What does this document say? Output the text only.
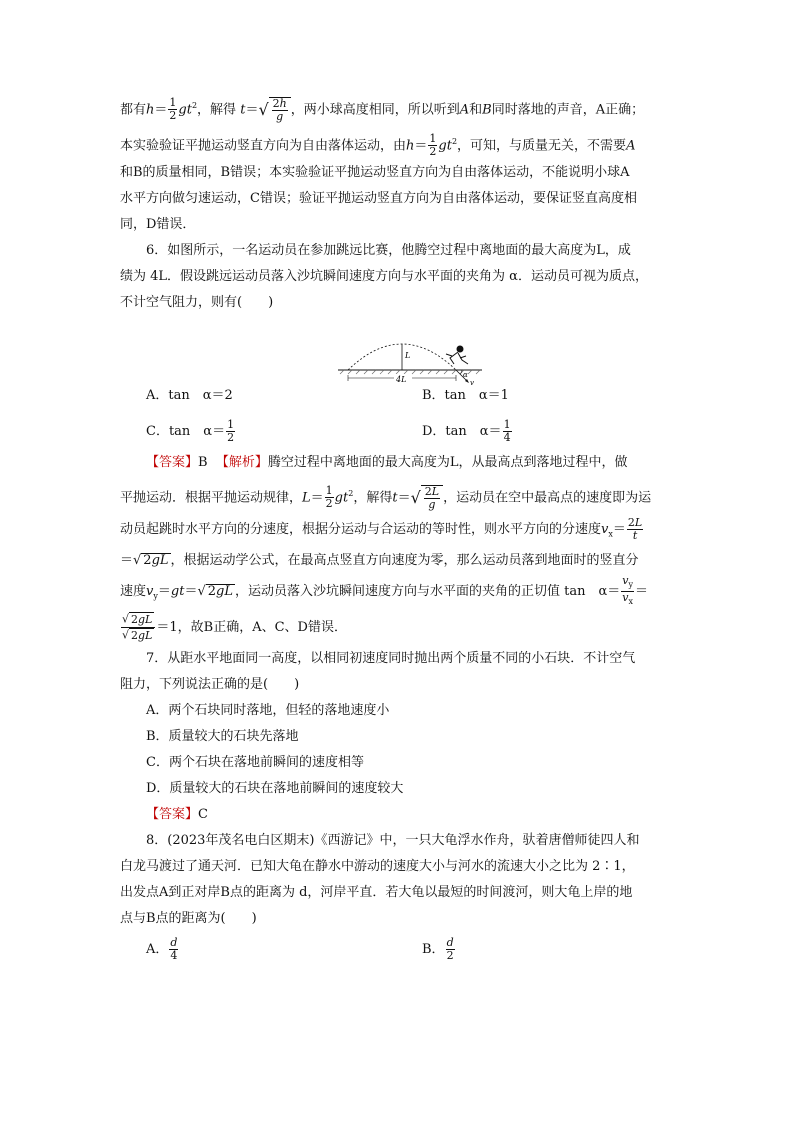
都有$h= \frac{1}{2} gt^2$，解得 $t=√ \frac{2h}{g}$ ，两小球高度相同，所以听到A和B同时落地的声音，A正确；
本实验验证平抛运动竖直方向为自由落体运动，由$h= \frac{1}{2} gt^2$，可知，与质量无关，不需要A
和B的质量相同，B错误；本实验验证平抛运动竖直方向为自由落体运动，不能说明小球A
水平方向做匀速运动，C错误；验证平抛运动竖直方向为自由落体运动，要保证竖直高度相
同，D错误．
6．如图所示，一名运动员在参加跳远比赛，他腾空过程中离地面的最大高度为L，成
绩为 4L．假设跳远运动员落入沙坑瞬间速度方向与水平面的夹角为 α．运动员可视为质点，
不计空气阻力，则有(　　)
A．tan　α＝2	B．tan　α＝1
C．tan　$\alpha= \frac{1}{2}$	D．tan　$\alpha= \frac{1}{4}$
【答案】B 【解析】腾空过程中离地面的最大高度为L，从最高点到落地过程中，做
平抛运动．根据平抛运动规律，$L= \frac{1}{2} gt^2$，解得$t=√ \frac{2L}{g}$ ，运动员在空中最高点的速度即为运
动员起跳时水平方向的分速度，根据分运动与合运动的等时性，则水平方向的分速度$v_x= \frac{2L}{t}$
＝√ 2gL ，根据运动学公式，在最高点竖直方向速度为零，那么运动员落到地面时的竖直分
速度$v_y=gt=√$ 2gL ，运动员落入沙坑瞬间速度方向与水平面的夹角的正切值 tan　$\alpha= \frac{v_y}{v_x}$ ＝
$\frac{√ 2gL}{√ 2gL} =1$，故B正确，A、C、D错误．
7．从距水平地面同一高度，以相同初速度同时抛出两个质量不同的小石块．不计空气
阻力，下列说法正确的是(　　)
A．两个石块同时落地，但轻的落地速度小
B．质量较大的石块先落地
C．两个石块在落地前瞬间的速度相等
D．质量较大的石块在落地前瞬间的速度较大
【答案】C
8．(2023年茂名电白区期末)《西游记》中，一只大龟浮水作舟，驮着唐僧师徒四人和
白龙马渡过了通天河．已知大龟在静水中游动的速度大小与河水的流速大小之比为 2∶1，
出发点A到正对岸B点的距离为 d，河岸平直．若大龟以最短的时间渡河，则大龟上岸的地
点与B点的距离为(　　)
A． $\frac{d}{4}$	B． $\frac{d}{2}$
L
4L	α
v
